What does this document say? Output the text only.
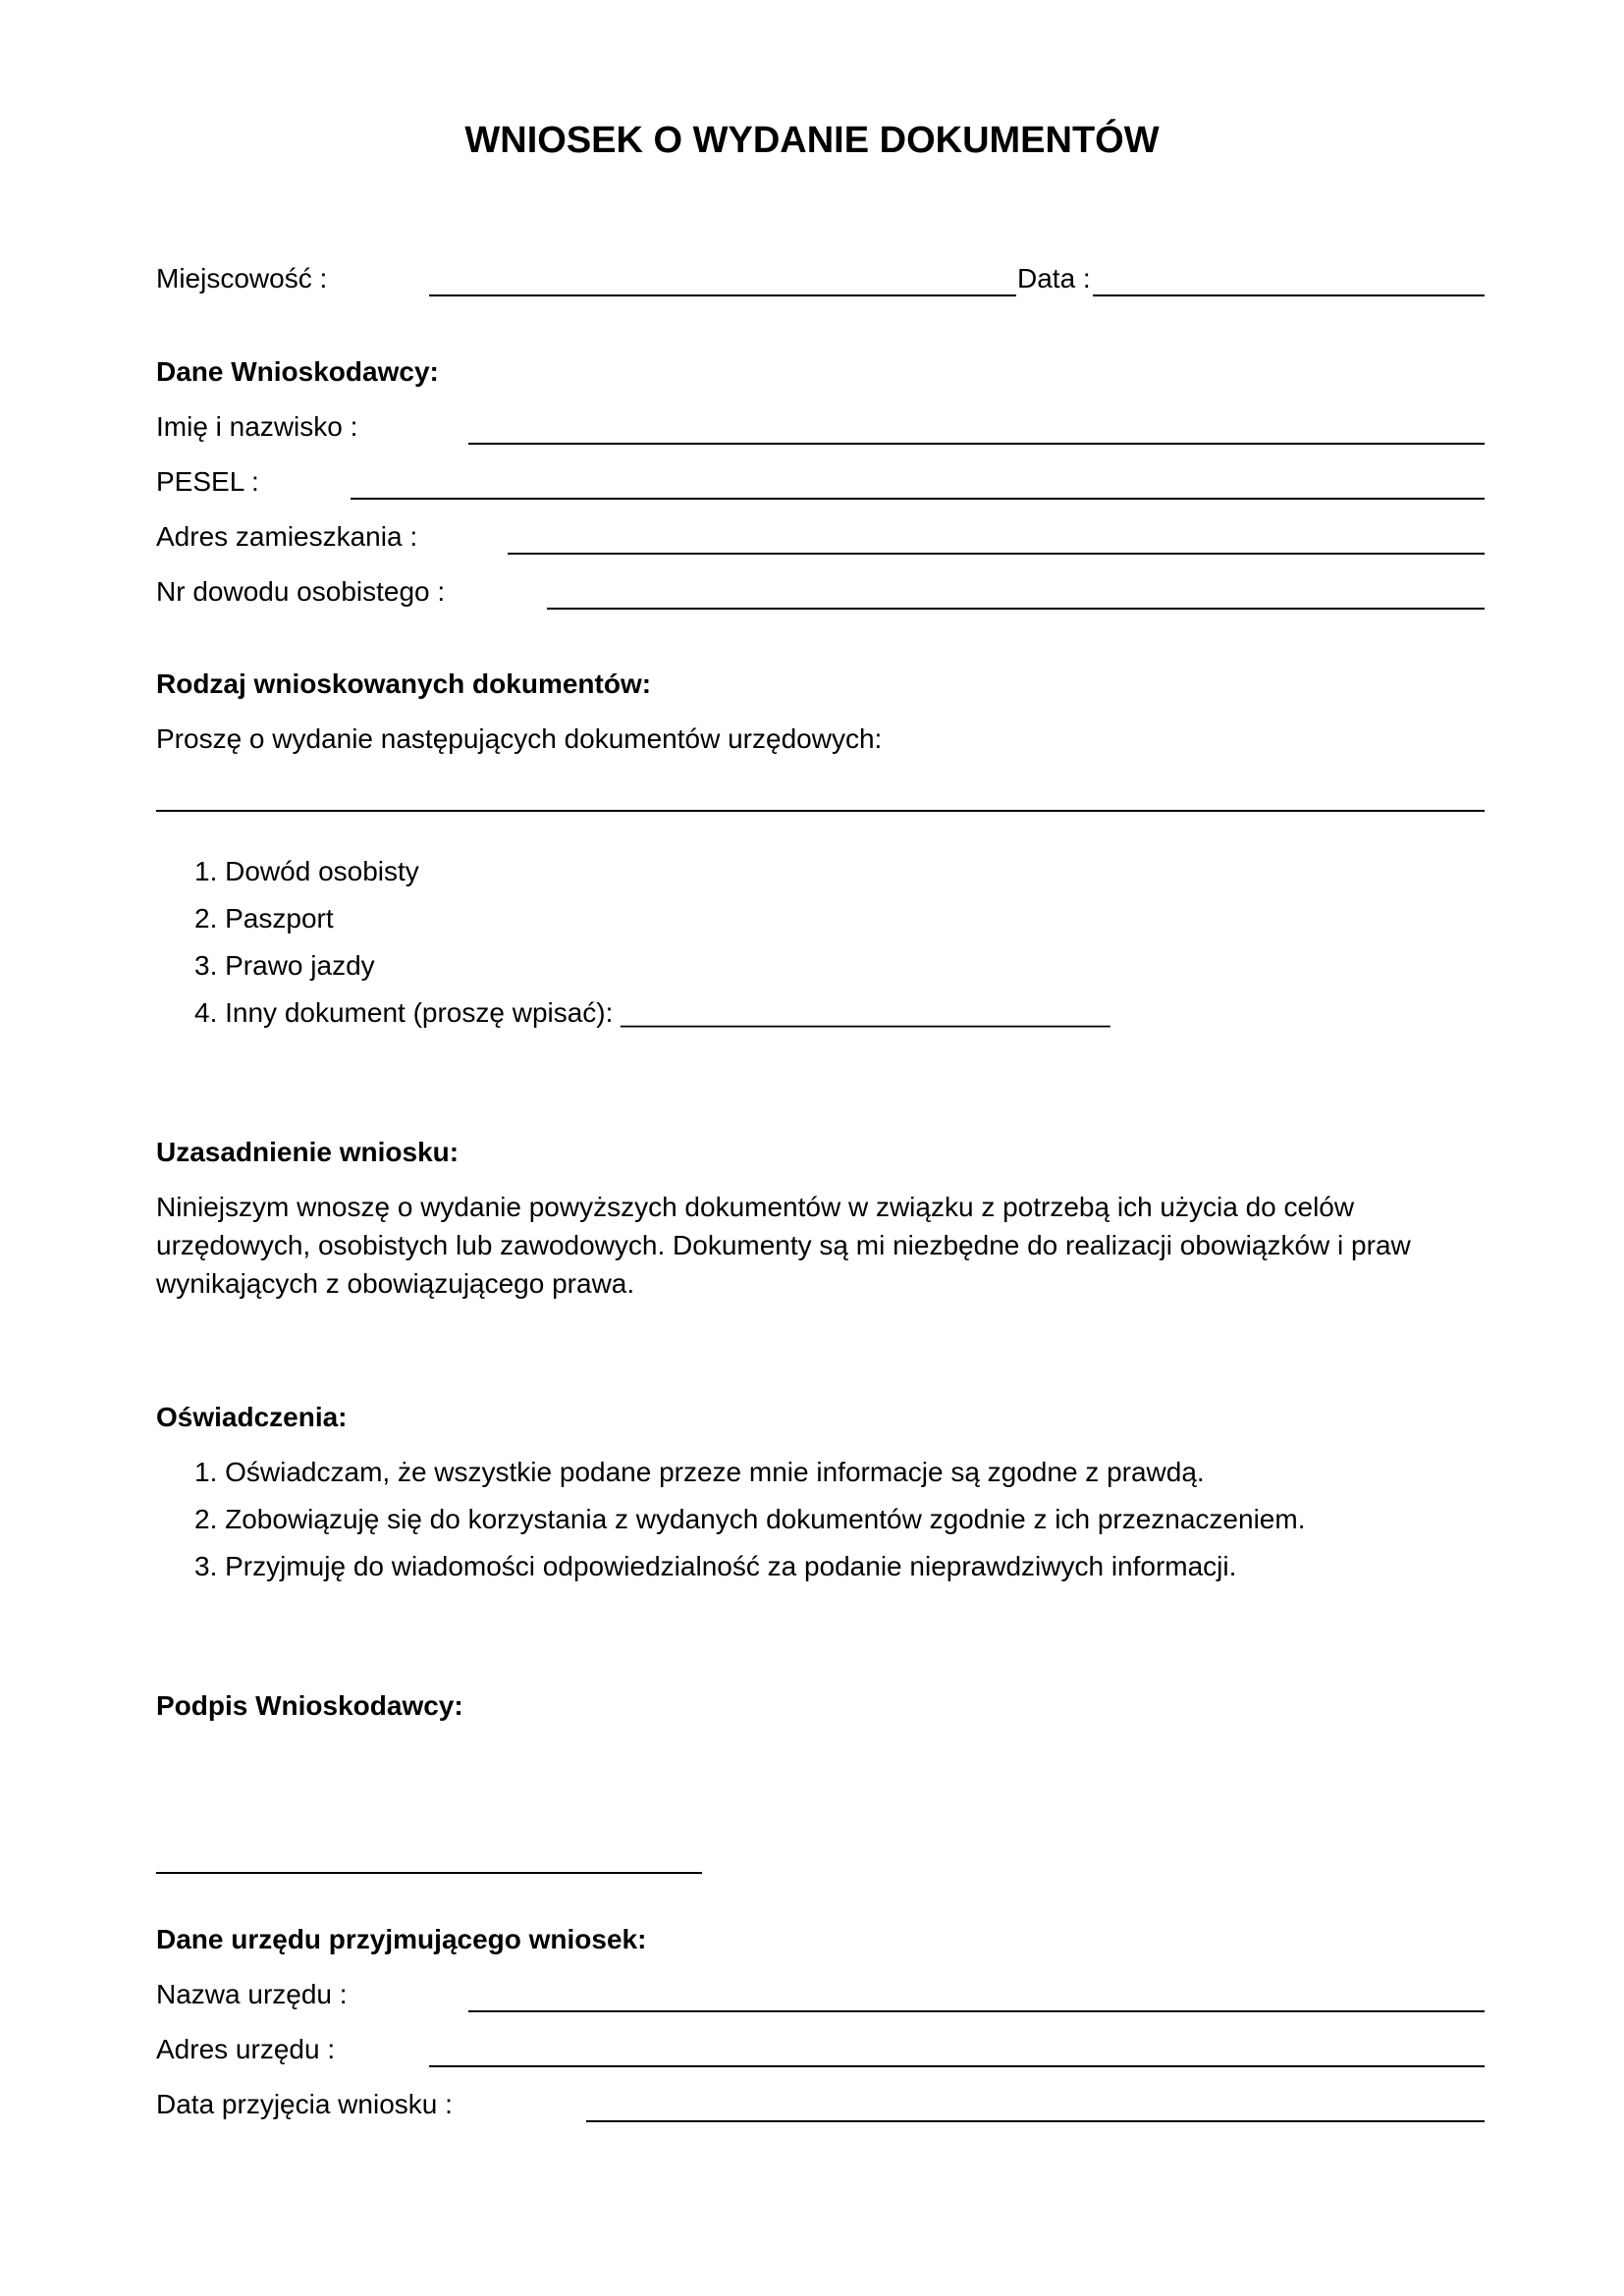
WNIOSEK O WYDANIE DOKUMENTÓW
Miejscowość :	Data :
Dane Wnioskodawcy:
Imię i nazwisko :
PESEL :
Adres zamieszkania :
Nr dowodu osobistego :
Rodzaj wnioskowanych dokumentów:
Proszę o wydanie następujących dokumentów urzędowych:
1. Dowód osobisty
2. Paszport
3. Prawo jazdy
4. Inny dokument (proszę wpisać): ________________________________
Uzasadnienie wniosku:
Niniejszym wnoszę o wydanie powyższych dokumentów w związku z potrzebą ich użycia do celów
urzędowych, osobistych lub zawodowych. Dokumenty są mi niezbędne do realizacji obowiązków i praw
wynikających z obowiązującego prawa.
Oświadczenia:
1. Oświadczam, że wszystkie podane przeze mnie informacje są zgodne z prawdą.
2. Zobowiązuję się do korzystania z wydanych dokumentów zgodnie z ich przeznaczeniem.
3. Przyjmuję do wiadomości odpowiedzialność za podanie nieprawdziwych informacji.
Podpis Wnioskodawcy:
Dane urzędu przyjmującego wniosek:
Nazwa urzędu :
Adres urzędu :
Data przyjęcia wniosku :
